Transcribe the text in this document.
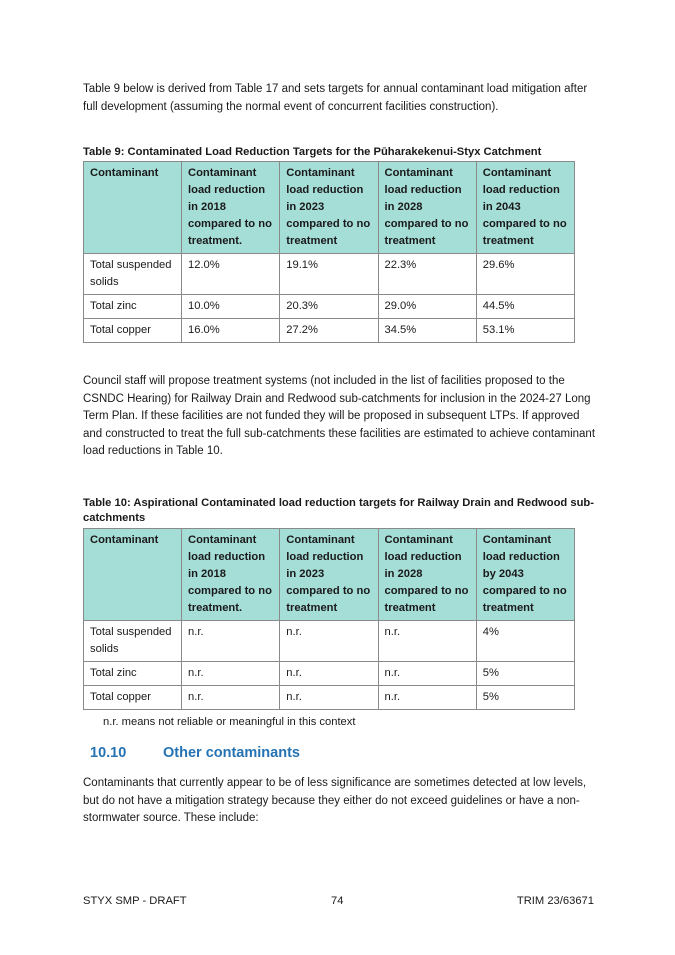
Table 9 below is derived from Table 17 and sets targets for annual contaminant load mitigation after full development (assuming the normal event of concurrent facilities construction).

Table 9: Contaminated Load Reduction Targets for the Pūharakekenui-Styx Catchment

Contaminant	Contaminant load reduction in 2018 compared to no treatment.	Contaminant load reduction in 2023 compared to no treatment	Contaminant load reduction in 2028 compared to no treatment	Contaminant load reduction in 2043 compared to no treatment
Total suspended solids	12.0%	19.1%	22.3%	29.6%
Total zinc	10.0%	20.3%	29.0%	44.5%
Total copper	16.0%	27.2%	34.5%	53.1%

Council staff will propose treatment systems (not included in the list of facilities proposed to the CSNDC Hearing) for Railway Drain and Redwood sub-catchments for inclusion in the 2024-27 Long Term Plan. If these facilities are not funded they will be proposed in subsequent LTPs. If approved and constructed to treat the full sub-catchments these facilities are estimated to achieve contaminant load reductions in Table 10.

Table 10: Aspirational Contaminated load reduction targets for Railway Drain and Redwood sub-catchments

Contaminant	Contaminant load reduction in 2018 compared to no treatment.	Contaminant load reduction in 2023 compared to no treatment	Contaminant load reduction in 2028 compared to no treatment	Contaminant load reduction by 2043 compared to no treatment
Total suspended solids	n.r.	n.r.	n.r.	4%
Total zinc	n.r.	n.r.	n.r.	5%
Total copper	n.r.	n.r.	n.r.	5%

n.r. means not reliable or meaningful in this context

10.10	Other contaminants

Contaminants that currently appear to be of less significance are sometimes detected at low levels, but do not have a mitigation strategy because they either do not exceed guidelines or have a non-stormwater source. These include:

STYX SMP - DRAFT	74	TRIM 23/63671
